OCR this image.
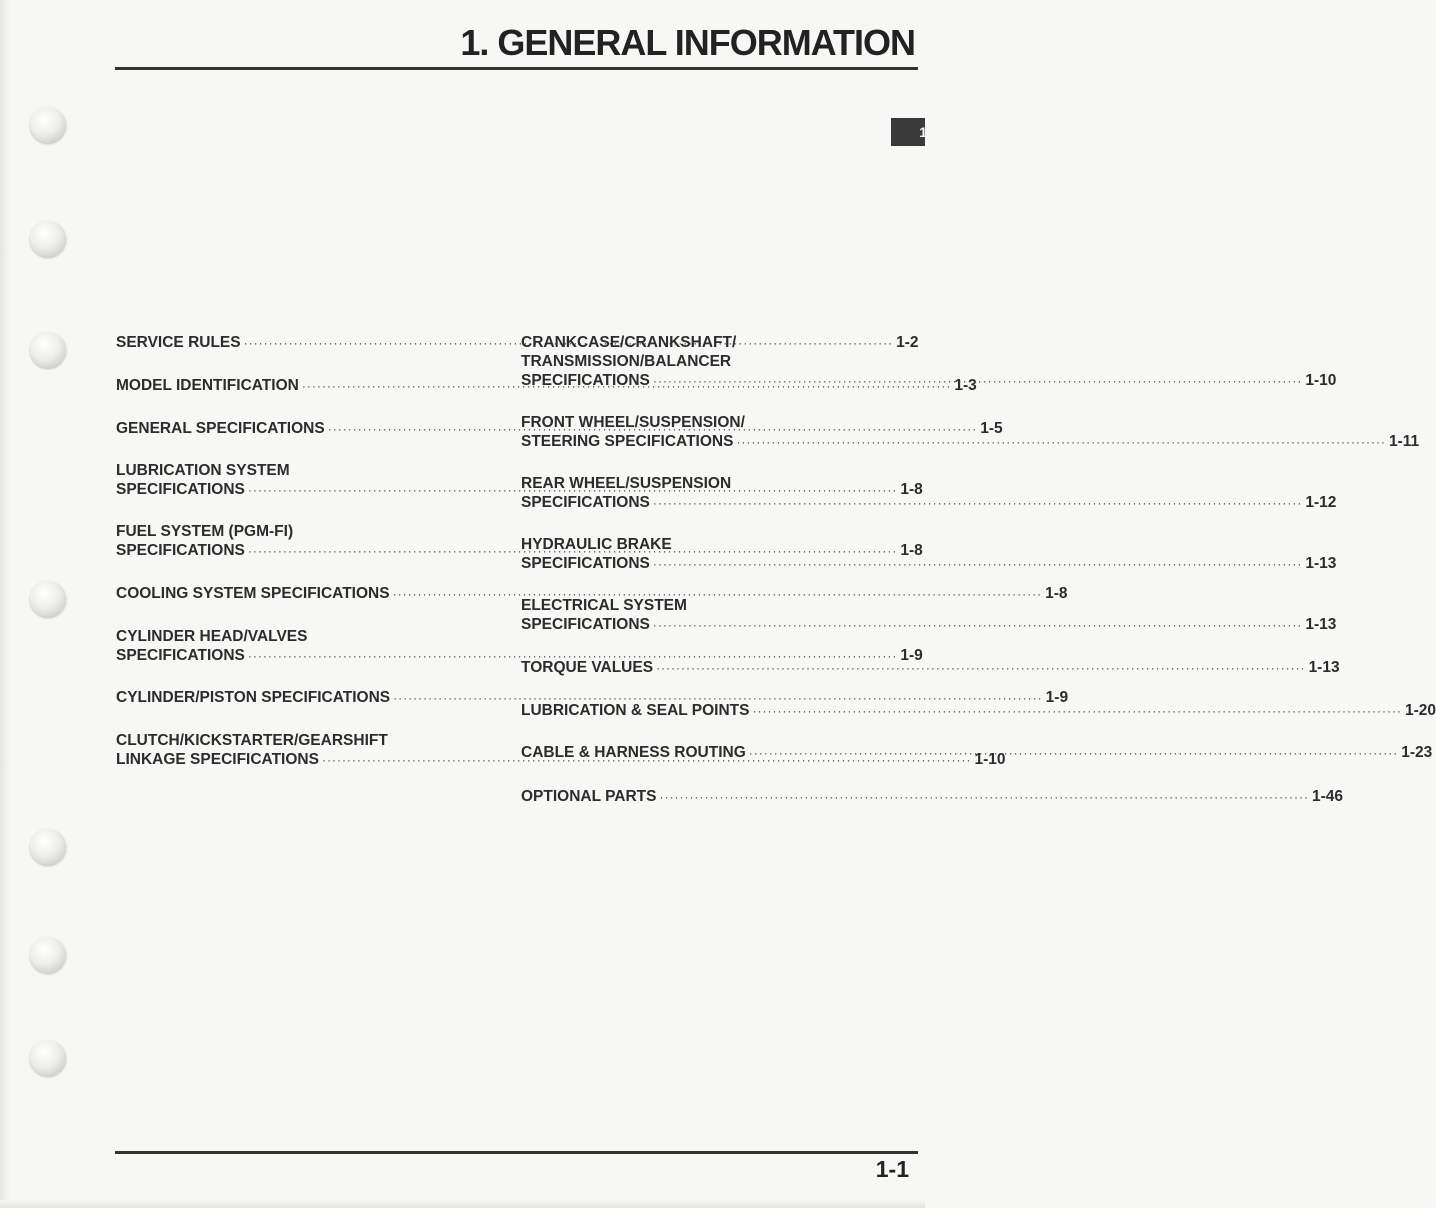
1. GENERAL INFORMATION
1
SERVICE RULES ·····	1-2
MODEL IDENTIFICATION ·····	1-3
GENERAL SPECIFICATIONS ·····	1-5
LUBRICATION SYSTEM
SPECIFICATIONS ·····	1-8
FUEL SYSTEM (PGM-FI)
SPECIFICATIONS ·····	1-8
COOLING SYSTEM SPECIFICATIONS ·····	1-8
CYLINDER HEAD/VALVES
SPECIFICATIONS ·····	1-9
CYLINDER/PISTON SPECIFICATIONS ·····	1-9
CLUTCH/KICKSTARTER/GEARSHIFT
LINKAGE SPECIFICATIONS ·····	1-10
CRANKCASE/CRANKSHAFT/
TRANSMISSION/BALANCER
SPECIFICATIONS ·····	1-10
FRONT WHEEL/SUSPENSION/
STEERING SPECIFICATIONS ·····	1-11
REAR WHEEL/SUSPENSION
SPECIFICATIONS ·····	1-12
HYDRAULIC BRAKE
SPECIFICATIONS ·····	1-13
ELECTRICAL SYSTEM
SPECIFICATIONS ·····	1-13
TORQUE VALUES ·····	1-13
LUBRICATION & SEAL POINTS ·····	1-20
CABLE & HARNESS ROUTING ·····	1-23
OPTIONAL PARTS ·····	1-46
1-1
